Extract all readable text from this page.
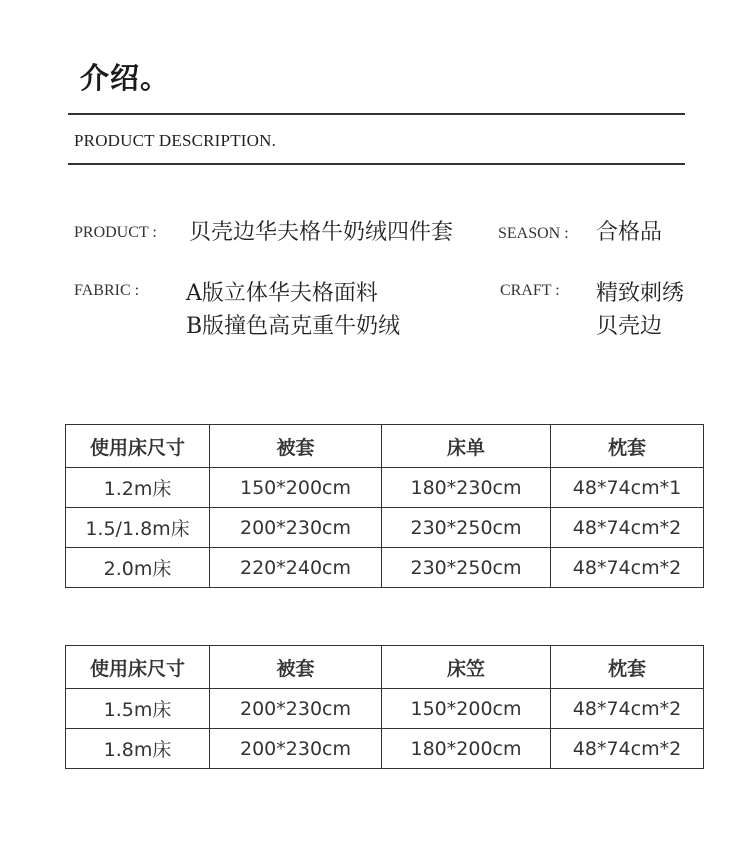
介绍。
PRODUCT DESCRIPTION.
PRODUCT : 贝壳边华夫格牛奶绒四件套	SEASON : 合格品
FABRIC : A版立体华夫格面料
B版撞色高克重牛奶绒
CRAFT : 精致刺绣
贝壳边
使用床尺寸	被套	床单	枕套
1.2m床	150*200cm	180*230cm	48*74cm*1
1.5/1.8m床	200*230cm	230*250cm	48*74cm*2
2.0m床	220*240cm	230*250cm	48*74cm*2
使用床尺寸	被套	床笠	枕套
1.5m床	200*230cm	150*200cm	48*74cm*2
1.8m床	200*230cm	180*200cm	48*74cm*2
